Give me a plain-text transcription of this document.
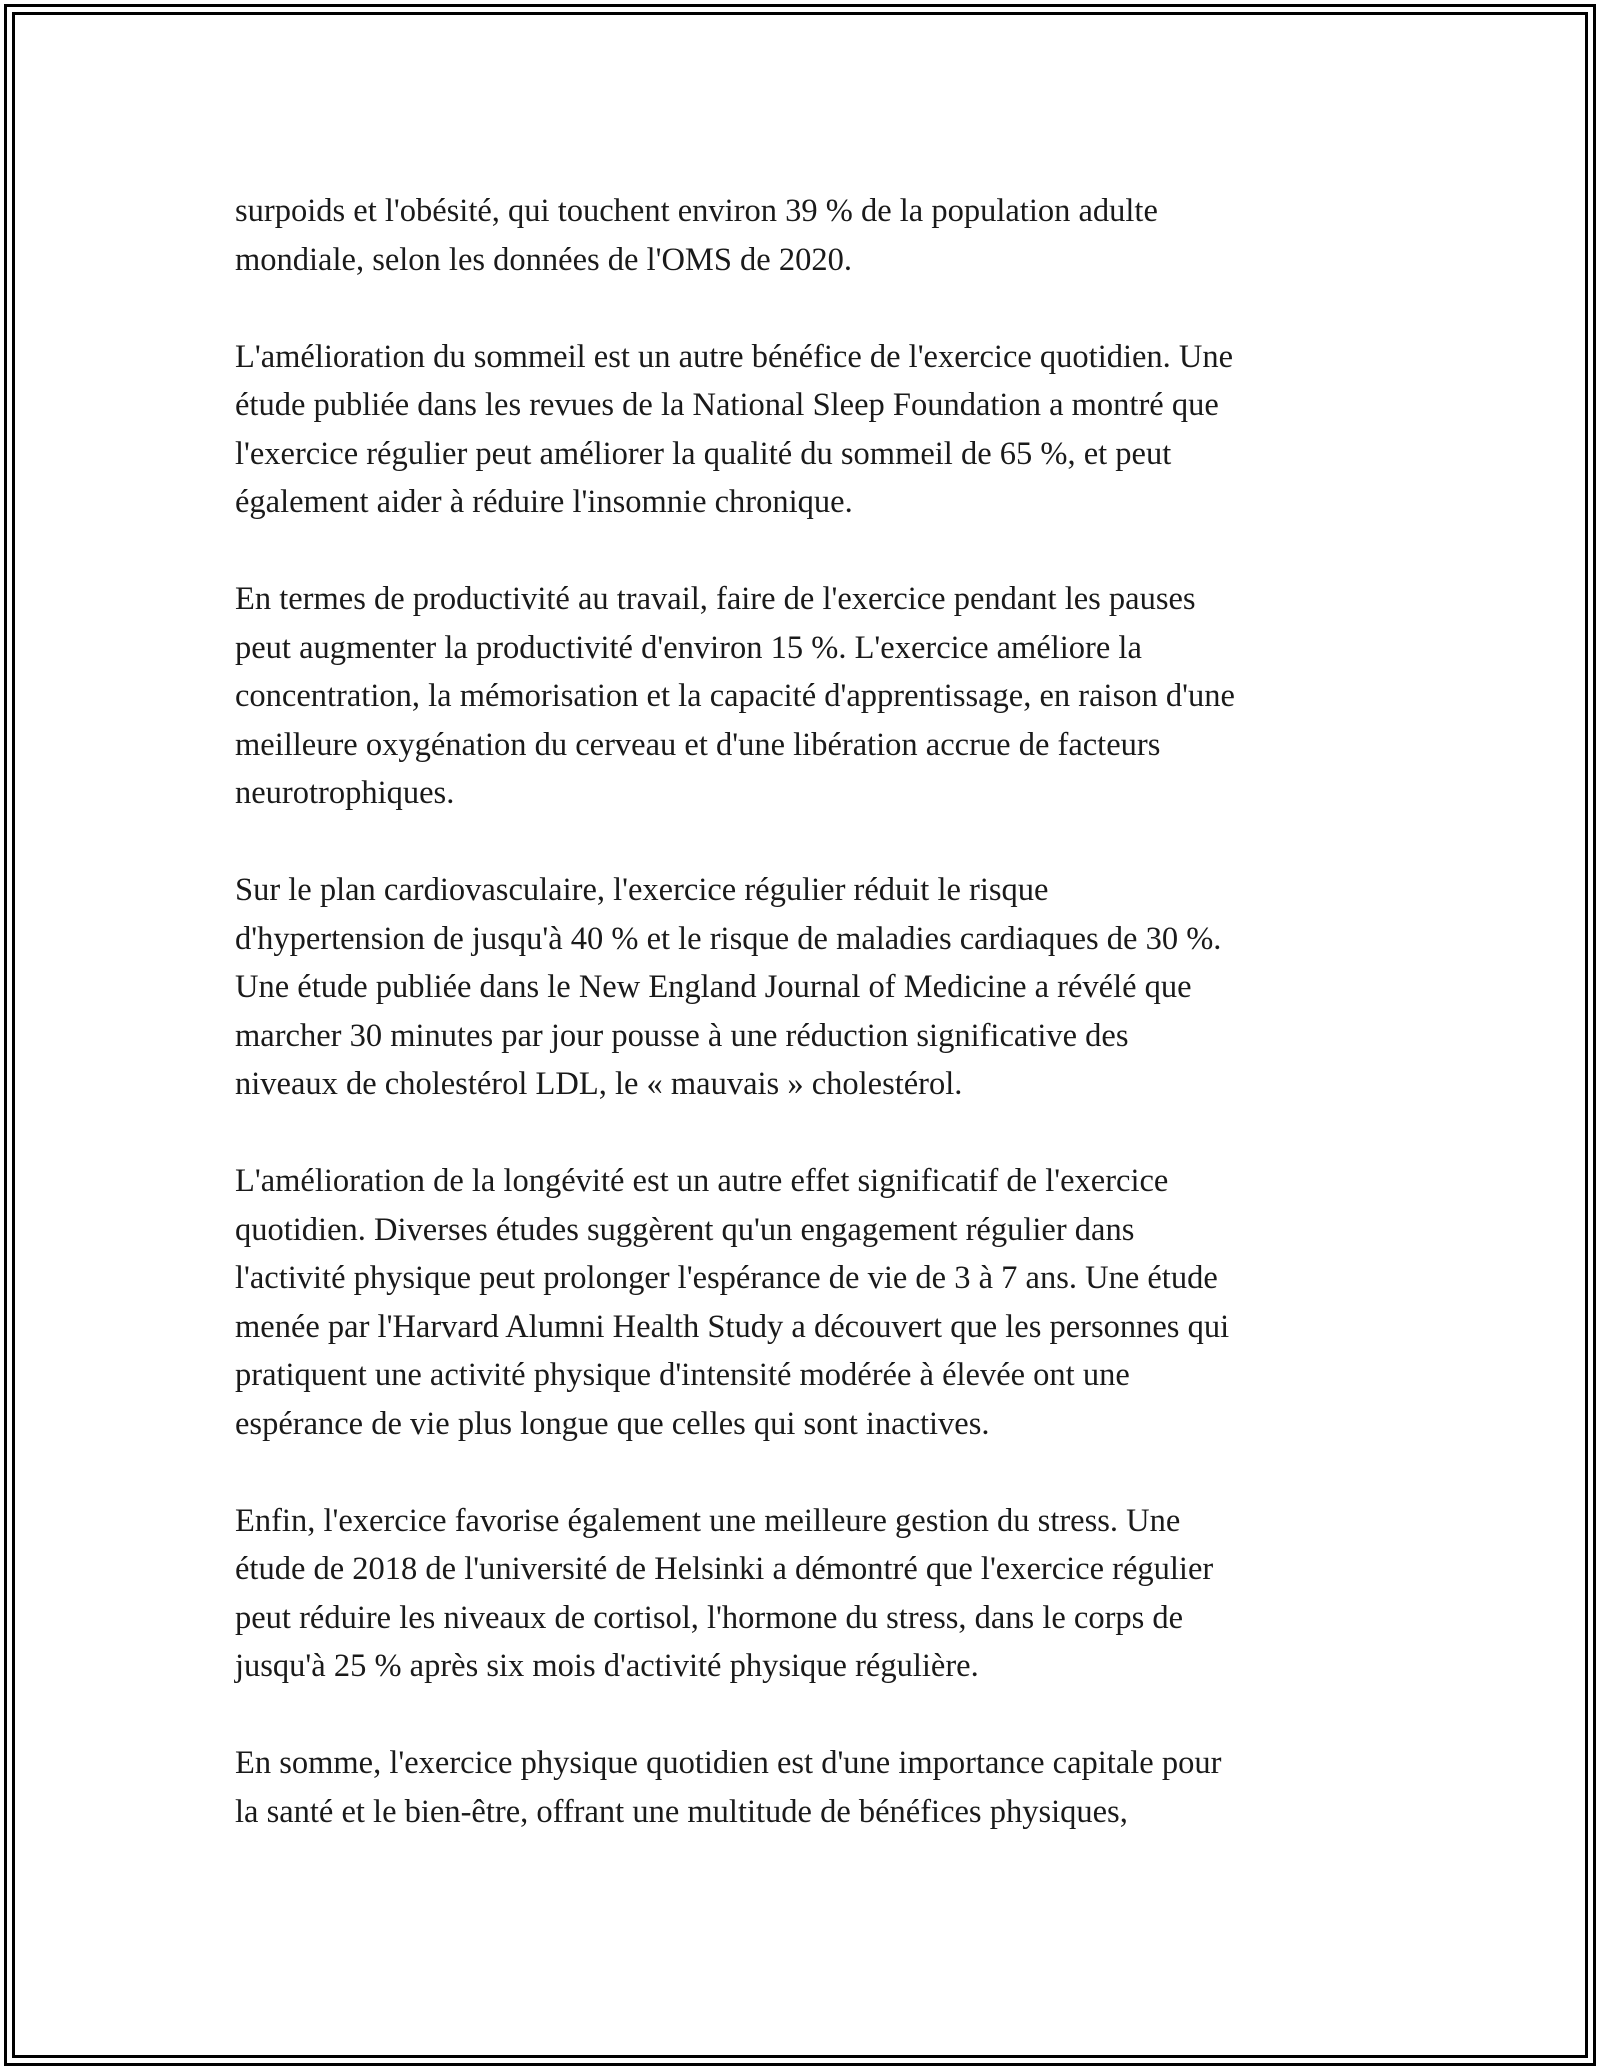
surpoids et l'obésité, qui touchent environ 39 % de la population adulte
mondiale, selon les données de l'OMS de 2020.

L'amélioration du sommeil est un autre bénéfice de l'exercice quotidien. Une
étude publiée dans les revues de la National Sleep Foundation a montré que
l'exercice régulier peut améliorer la qualité du sommeil de 65 %, et peut
également aider à réduire l'insomnie chronique.

En termes de productivité au travail, faire de l'exercice pendant les pauses
peut augmenter la productivité d'environ 15 %. L'exercice améliore la
concentration, la mémorisation et la capacité d'apprentissage, en raison d'une
meilleure oxygénation du cerveau et d'une libération accrue de facteurs
neurotrophiques.

Sur le plan cardiovasculaire, l'exercice régulier réduit le risque
d'hypertension de jusqu'à 40 % et le risque de maladies cardiaques de 30 %.
Une étude publiée dans le New England Journal of Medicine a révélé que
marcher 30 minutes par jour pousse à une réduction significative des
niveaux de cholestérol LDL, le « mauvais » cholestérol.

L'amélioration de la longévité est un autre effet significatif de l'exercice
quotidien. Diverses études suggèrent qu'un engagement régulier dans
l'activité physique peut prolonger l'espérance de vie de 3 à 7 ans. Une étude
menée par l'Harvard Alumni Health Study a découvert que les personnes qui
pratiquent une activité physique d'intensité modérée à élevée ont une
espérance de vie plus longue que celles qui sont inactives.

Enfin, l'exercice favorise également une meilleure gestion du stress. Une
étude de 2018 de l'université de Helsinki a démontré que l'exercice régulier
peut réduire les niveaux de cortisol, l'hormone du stress, dans le corps de
jusqu'à 25 % après six mois d'activité physique régulière.

En somme, l'exercice physique quotidien est d'une importance capitale pour
la santé et le bien-être, offrant une multitude de bénéfices physiques,
